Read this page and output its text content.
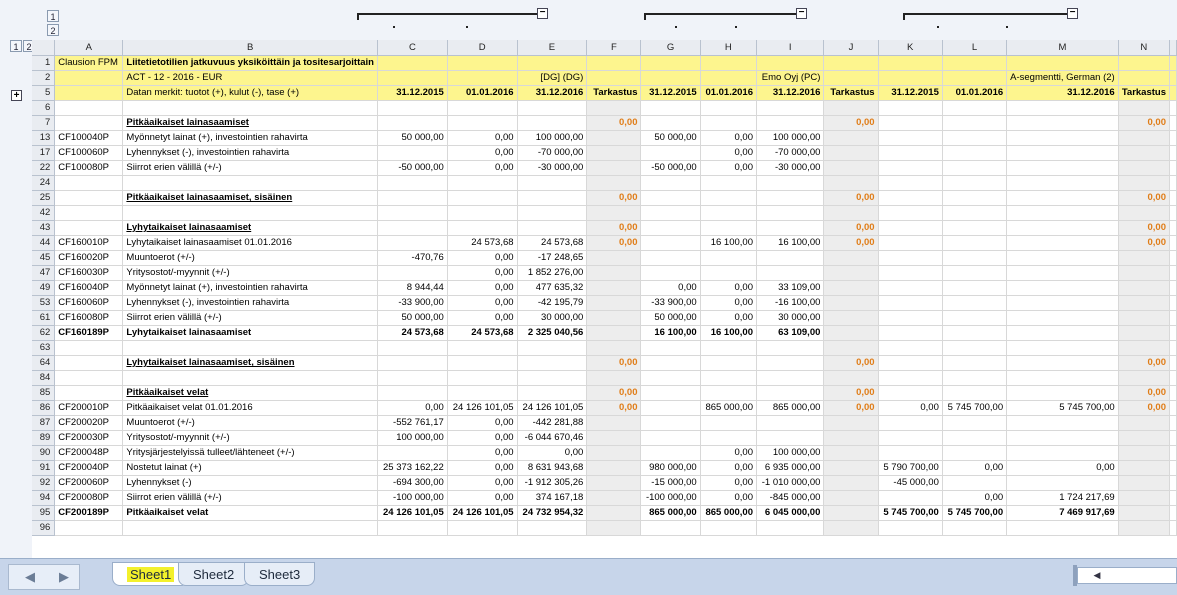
1
2
−	−	−
1 2
+
	A	B	C	D	E	F	G	H	I	J	K	L	M	N	
1	Clausion FPM	Liitetietotilien jatkuvuus yksiköittäin ja tositesarjoittain													
2		ACT - 12 - 2016 - EUR			[DG] (DG)				Emo Oyj (PC)				A-segmentti, German (2)		
5		Datan merkit: tuotot (+), kulut (-), tase (+)	31.12.2015	01.01.2016	31.12.2016	Tarkastus	31.12.2015	01.01.2016	31.12.2016	Tarkastus	31.12.2015	01.01.2016	31.12.2016	Tarkastus	
6															
7		Pitkäaikaiset lainasaamiset				0,00				0,00				0,00	
13	CF100040P	Myönnetyt lainat (+), investointien rahavirta	50 000,00	0,00	100 000,00		50 000,00	0,00	100 000,00						
17	CF100060P	Lyhennykset (-), investointien rahavirta		0,00	-70 000,00			0,00	-70 000,00						
22	CF100080P	Siirrot erien välillä (+/-)	-50 000,00	0,00	-30 000,00		-50 000,00	0,00	-30 000,00						
24															
25		Pitkäaikaiset lainasaamiset, sisäinen				0,00				0,00				0,00	
42															
43		Lyhytaikaiset lainasaamiset				0,00				0,00				0,00	
44	CF160010P	Lyhytaikaiset lainasaamiset 01.01.2016		24 573,68	24 573,68	0,00		16 100,00	16 100,00	0,00				0,00	
45	CF160020P	Muuntoerot (+/-)	-470,76	0,00	-17 248,65										
47	CF160030P	Yritysostot/-myynnit (+/-)		0,00	1 852 276,00										
49	CF160040P	Myönnetyt lainat (+), investointien rahavirta	8 944,44	0,00	477 635,32		0,00	0,00	33 109,00						
53	CF160060P	Lyhennykset (-), investointien rahavirta	-33 900,00	0,00	-42 195,79		-33 900,00	0,00	-16 100,00						
61	CF160080P	Siirrot erien välillä (+/-)	50 000,00	0,00	30 000,00		50 000,00	0,00	30 000,00						
62	CF160189P	Lyhytaikaiset lainasaamiset	24 573,68	24 573,68	2 325 040,56		16 100,00	16 100,00	63 109,00						
63															
64		Lyhytaikaiset lainasaamiset, sisäinen				0,00				0,00				0,00	
84															
85		Pitkäaikaiset velat				0,00				0,00				0,00	
86	CF200010P	Pitkäaikaiset velat 01.01.2016	0,00	24 126 101,05	24 126 101,05	0,00		865 000,00	865 000,00	0,00	0,00	5 745 700,00	5 745 700,00	0,00	
87	CF200020P	Muuntoerot (+/-)	-552 761,17	0,00	-442 281,88										
89	CF200030P	Yritysostot/-myynnit (+/-)	100 000,00	0,00	-6 044 670,46										
90	CF200048P	Yritysjärjestelyissä tulleet/lähteneet (+/-)		0,00	0,00			0,00	100 000,00						
91	CF200040P	Nostetut lainat (+)	25 373 162,22	0,00	8 631 943,68		980 000,00	0,00	6 935 000,00		5 790 700,00	0,00	0,00		
92	CF200060P	Lyhennykset (-)	-694 300,00	0,00	-1 912 305,26		-15 000,00	0,00	-1 010 000,00		-45 000,00				
94	CF200080P	Siirrot erien välillä (+/-)	-100 000,00	0,00	374 167,18		-100 000,00	0,00	-845 000,00			0,00	1 724 217,69		
95	CF200189P	Pitkäaikaiset velat	24 126 101,05	24 126 101,05	24 732 954,32		865 000,00	865 000,00	6 045 000,00		5 745 700,00	5 745 700,00	7 469 917,69		
96															
◀	▶	Sheet1	Sheet2	Sheet3	◀
